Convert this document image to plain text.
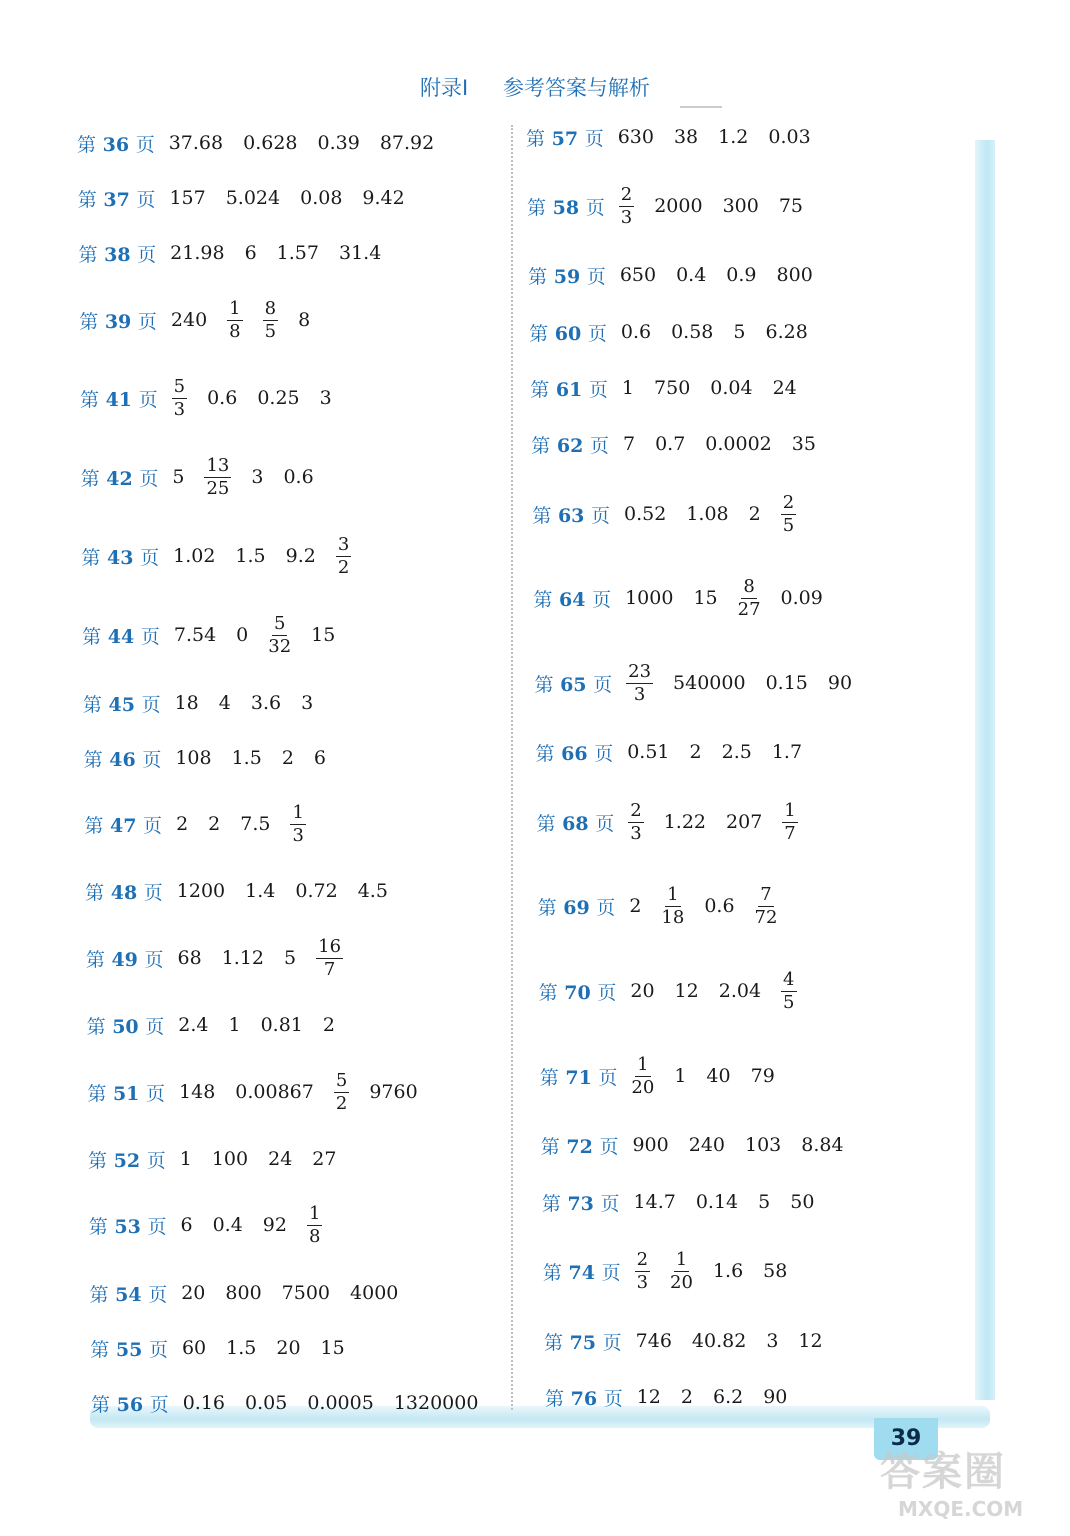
附录Ⅰ 参考答案与解析
第 36 页 37.68 0.628 0.39 87.92
第 37 页 157 5.024 0.08 9.42
第 38 页 21.98 6 1.57 31.4
第 39 页 $240 \frac{1}{8} \frac{8}{5} 8$
第 41 页 $\frac{5}{3} 0.6$ 0.25 3
第 42 页 $5 \frac{13}{25} 3$ 0.6
第 43 页 1.02 1.5 $9.2 \frac{3}{2}$
第 44 页 7.54 $0 \frac{5}{32} 15$
第 45 页 18 4 3.6 3
第 46 页 108 1.5 2 6
第 47 页 2 2 $7.5 \frac{1}{3}$
第 48 页 1200 1.4 0.72 4.5
第 49 页 68 1.12 $5 \frac{16}{7}$
第 50 页 2.4 1 0.81 2
第 51 页 148 $0.00867 \frac{5}{2} 9760$
第 52 页 1 100 24 27
第 53 页 6 0.4 $92 \frac{1}{8}$
第 54 页 20 800 7500 4000
第 55 页 60 1.5 20 15
第 56 页 0.16 0.05 0.0005 1320000
第 57 页 630 38 1.2 0.03
第 58 页 $\frac{2}{3} 2000$ 300 75
第 59 页 650 0.4 0.9 800
第 60 页 0.6 0.58 5 6.28
第 61 页 1 750 0.04 24
第 62 页 7 0.7 0.0002 35
第 63 页 0.52 1.08 $2 \frac{2}{5}$
第 64 页 1000 $15 \frac{8}{27} 0.09$
第 65 页 $\frac{23}{3} 540000$ 0.15 90
第 66 页 0.51 2 2.5 1.7
第 68 页 $\frac{2}{3} 1.22$ $207 \frac{1}{7}$
第 69 页 $2 \frac{1}{18} 0.6 \frac{7}{72}$
第 70 页 20 12 $2.04 \frac{4}{5}$
第 71 页 $\frac{1}{20} 1$ 40 79
第 72 页 900 240 103 8.84
第 73 页 14.7 0.14 5 50
第 74 页 $\frac{2}{3} \frac{1}{20} 1.6$ 58
第 75 页 746 40.82 3 12
第 76 页 12 2 6.2 90
39
答案圈
MXQE.COM
